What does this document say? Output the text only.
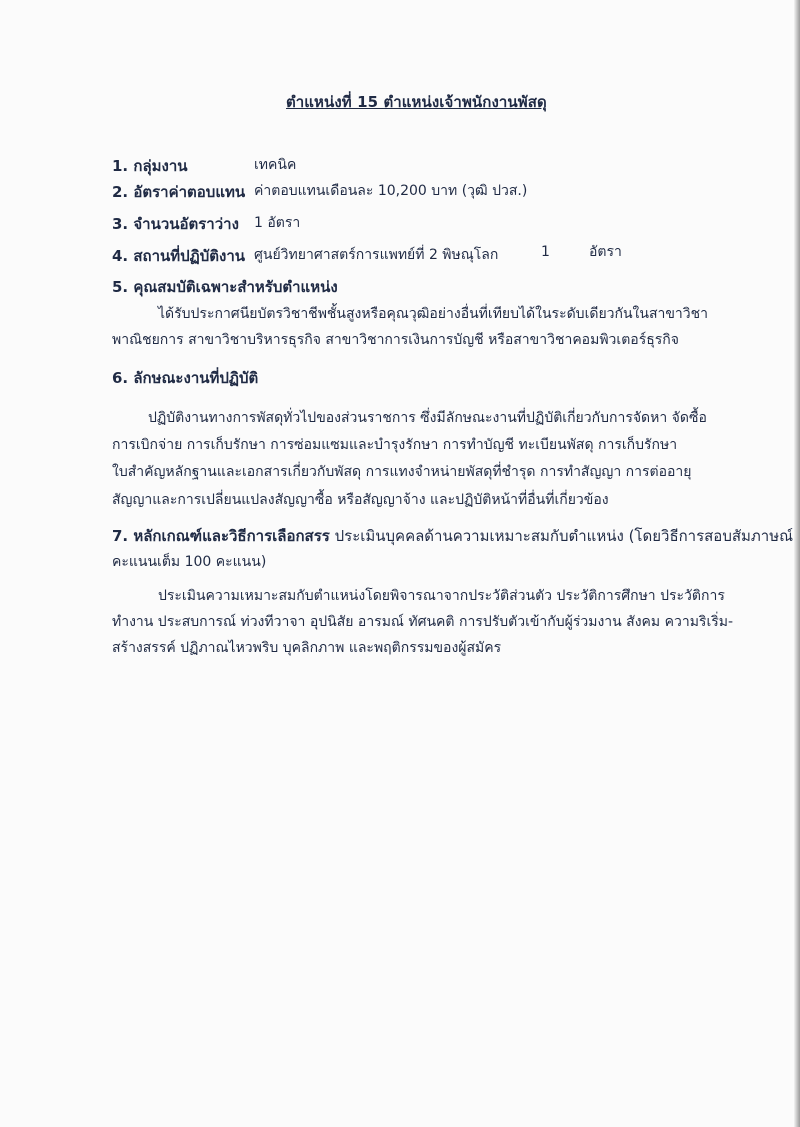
ตำแหน่งที่ 15 ตำแหน่งเจ้าพนักงานพัสดุ
1. กลุ่มงาน	เทคนิค
2. อัตราค่าตอบแทน ค่าตอบแทนเดือนละ 10,200 บาท (วุฒิ ปวส.)
3. จำนวนอัตราว่าง 1 อัตรา
4. สถานที่ปฏิบัติงาน ศูนย์วิทยาศาสตร์การแพทย์ที่ 2 พิษณุโลก	1	อัตรา
5. คุณสมบัติเฉพาะสำหรับตำแหน่ง
ได้รับประกาศนียบัตรวิชาชีพชั้นสูงหรือคุณวุฒิอย่างอื่นที่เทียบได้ในระดับเดียวกันในสาขาวิชา
พาณิชยการ สาขาวิชาบริหารธุรกิจ สาขาวิชาการเงินการบัญชี หรือสาขาวิชาคอมพิวเตอร์ธุรกิจ
6. ลักษณะงานที่ปฏิบัติ
ปฏิบัติงานทางการพัสดุทั่วไปของส่วนราชการ ซึ่งมีลักษณะงานที่ปฏิบัติเกี่ยวกับการจัดหา จัดซื้อ
การเบิกจ่าย การเก็บรักษา การซ่อมแซมและบำรุงรักษา การทำบัญชี ทะเบียนพัสดุ การเก็บรักษา
ใบสำคัญหลักฐานและเอกสารเกี่ยวกับพัสดุ การแทงจำหน่ายพัสดุที่ชำรุด การทำสัญญา การต่ออายุ
สัญญาและการเปลี่ยนแปลงสัญญาซื้อ หรือสัญญาจ้าง และปฏิบัติหน้าที่อื่นที่เกี่ยวข้อง
7. หลักเกณฑ์และวิธีการเลือกสรร ประเมินบุคคลด้านความเหมาะสมกับตำแหน่ง (โดยวิธีการสอบสัมภาษณ์
คะแนนเต็ม 100 คะแนน)
ประเมินความเหมาะสมกับตำแหน่งโดยพิจารณาจากประวัติส่วนตัว ประวัติการศึกษา ประวัติการ
ทำงาน ประสบการณ์ ท่วงทีวาจา อุปนิสัย อารมณ์ ทัศนคติ การปรับตัวเข้ากับผู้ร่วมงาน สังคม ความริเริ่ม-
สร้างสรรค์ ปฏิภาณไหวพริบ บุคลิกภาพ และพฤติกรรมของผู้สมัคร
